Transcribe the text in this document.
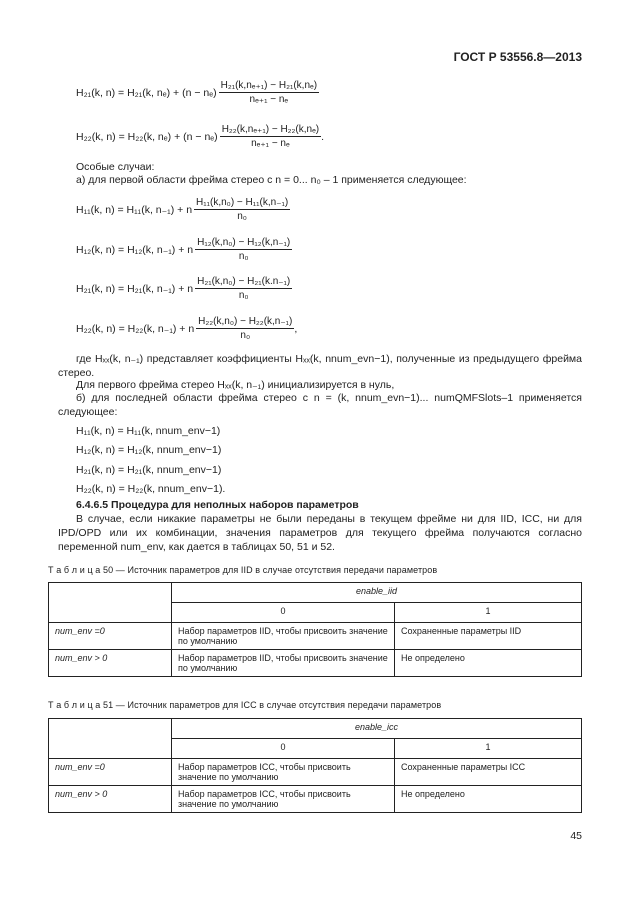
ГОСТ Р 53556.8—2013
H₂₁(k, n) = H₂₁(k, $n_e) + (n - n_e) \frac{\text{H₂₁(k,nₑ₊₁) − H₂₁(k,nₑ)}}{\text{nₑ₊₁ − nₑ}}$
H₂₂(k, n) = H₂₂(k, $n_e) + (n - n_e) \frac{\text{H₂₂(k,nₑ₊₁) − H₂₂(k,nₑ)}}{\text{nₑ₊₁ − nₑ}}$ .
Особые случаи:
а) для первой области фрейма стерео с n = 0... n₀ – 1 применяется следующее:
H₁₁(k, n) = H₁₁(k, n₋₁) + n $\frac{\text{H₁₁(k,n₀) − H₁₁(k,n₋₁)}}{\text{n₀}}$
H₁₂(k, n) = H₁₂(k, n₋₁) + n $\frac{\text{H₁₂(k,n₀) − H₁₂(k,n₋₁)}}{\text{n₀}}$
H₂₁(k, n) = H₂₁(k, n₋₁) + n $\frac{\text{H₂₁(k,n₀) − H₂₁(k.n₋₁)}}{\text{n₀}}$
H₂₂(k, n) = H₂₂(k, n₋₁) + n $\frac{\text{H₂₂(k,n₀) − H₂₂(k,n₋₁)}}{\text{n₀}}$ ,
где Hₓₓ(k, n₋₁) представляет коэффициенты Hₓₓ(k, nnum_evn−1), полученные из предыдущего фрейма стерео.
Для первого фрейма стерео Hₓₓ(k, n₋₁) инициализируется в нуль,
б) для последней области фрейма стерео с n = (k, nnum_evn−1)... numQMFSlots–1 применяется следующее:
H₁₁(k, n) = H₁₁(k, nnum_env−1)
H₁₂(k, n) = H₁₂(k, nnum_env−1)
H₂₁(k, n) = H₂₁(k, nnum_env−1)
H₂₂(k, n) = H₂₂(k, nnum_env−1).
6.4.6.5 Процедура для неполных наборов параметров
В случае, если никакие параметры не были переданы в текущем фрейме ни для IID, ICC, ни для IPD/OPD или их комбинации, значения параметров для текущего фрейма получаются согласно переменной num_env, как дается в таблицах 50, 51 и 52.
Т а б л и ц а 50 — Источник параметров для IID в случае отсутствия передачи параметров
	enable_iid	
	0	1
num_env =0	Набор параметров IID, чтобы присвоить значение по умолчанию	Сохраненные параметры IID
num_env > 0	Набор параметров IID, чтобы присвоить значение по умолчанию	Не определено
Т а б л и ц а 51 — Источник параметров для ICC в случае отсутствия передачи параметров
	enable_icc	
	0	1
num_env =0	Набор параметров ICC, чтобы присвоить значение по умолчанию	Сохраненные параметры ICC
num_env > 0	Набор параметров ICC, чтобы присвоить значение по умолчанию	Не определено
45
